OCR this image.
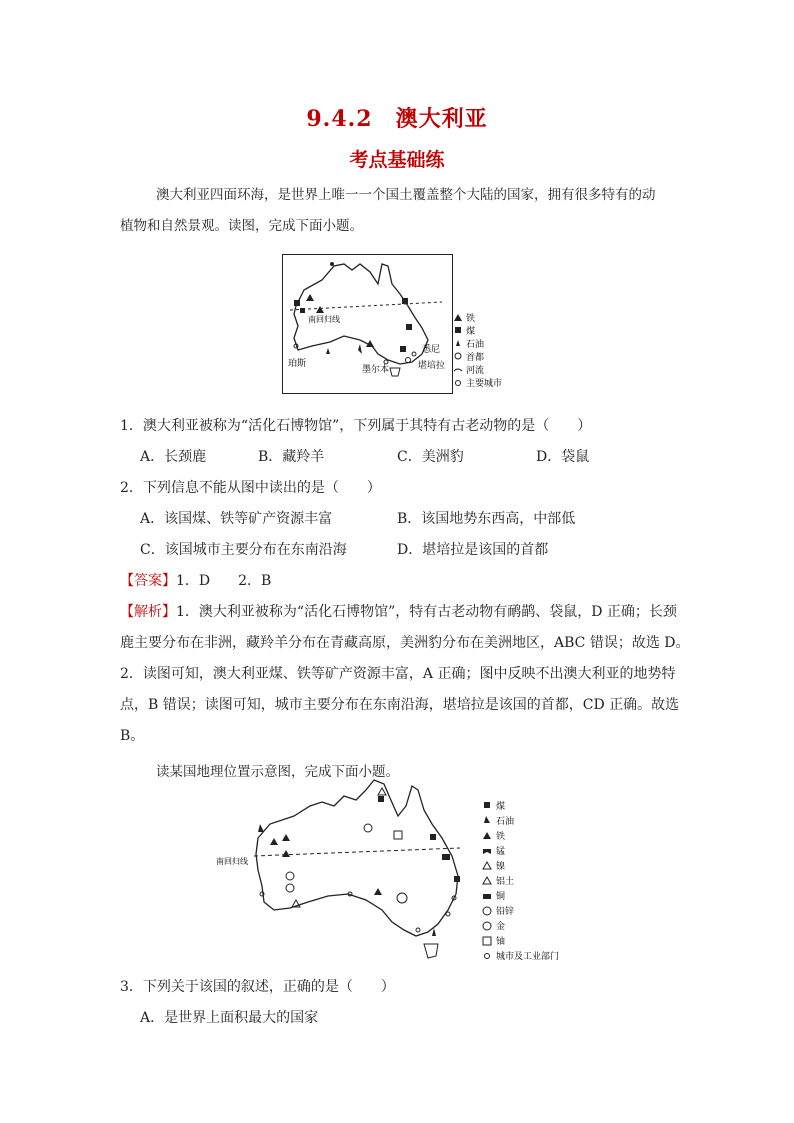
9.4.2　澳大利亚
考点基础练
澳大利亚四面环海，是世界上唯一一个国土覆盖整个大陆的国家，拥有很多特有的动
植物和自然景观。读图，完成下面小题。
南回归线
珀斯
墨尔本
悉尼
堪培拉
铁
煤
石油
首都
河流
主要城市
1．澳大利亚被称为“活化石博物馆”，下列属于其特有古老动物的是（　　）
A．长颈鹿	B．藏羚羊	C．美洲豹	D．袋鼠
2．下列信息不能从图中读出的是（　　）
A．该国煤、铁等矿产资源丰富	B．该国地势东西高，中部低
C．该国城市主要分布在东南沿海	D．堪培拉是该国的首都
【答案】1．D　　2．B
【解析】1．澳大利亚被称为“活化石博物馆”，特有古老动物有鸸鹋、袋鼠，D 正确；长颈
鹿主要分布在非洲，藏羚羊分布在青藏高原，美洲豹分布在美洲地区，ABC 错误；故选 D。
2．读图可知，澳大利亚煤、铁等矿产资源丰富，A 正确；图中反映不出澳大利亚的地势特
点，B 错误；读图可知，城市主要分布在东南沿海，堪培拉是该国的首都，CD 正确。故选
B。
读某国地理位置示意图，完成下面小题。
南回归线
煤
石油
铁
锰
镍
铝土
铜
铅锌
金
铀
城市及工业部门
3．下列关于该国的叙述，正确的是（　　）
A．是世界上面积最大的国家
